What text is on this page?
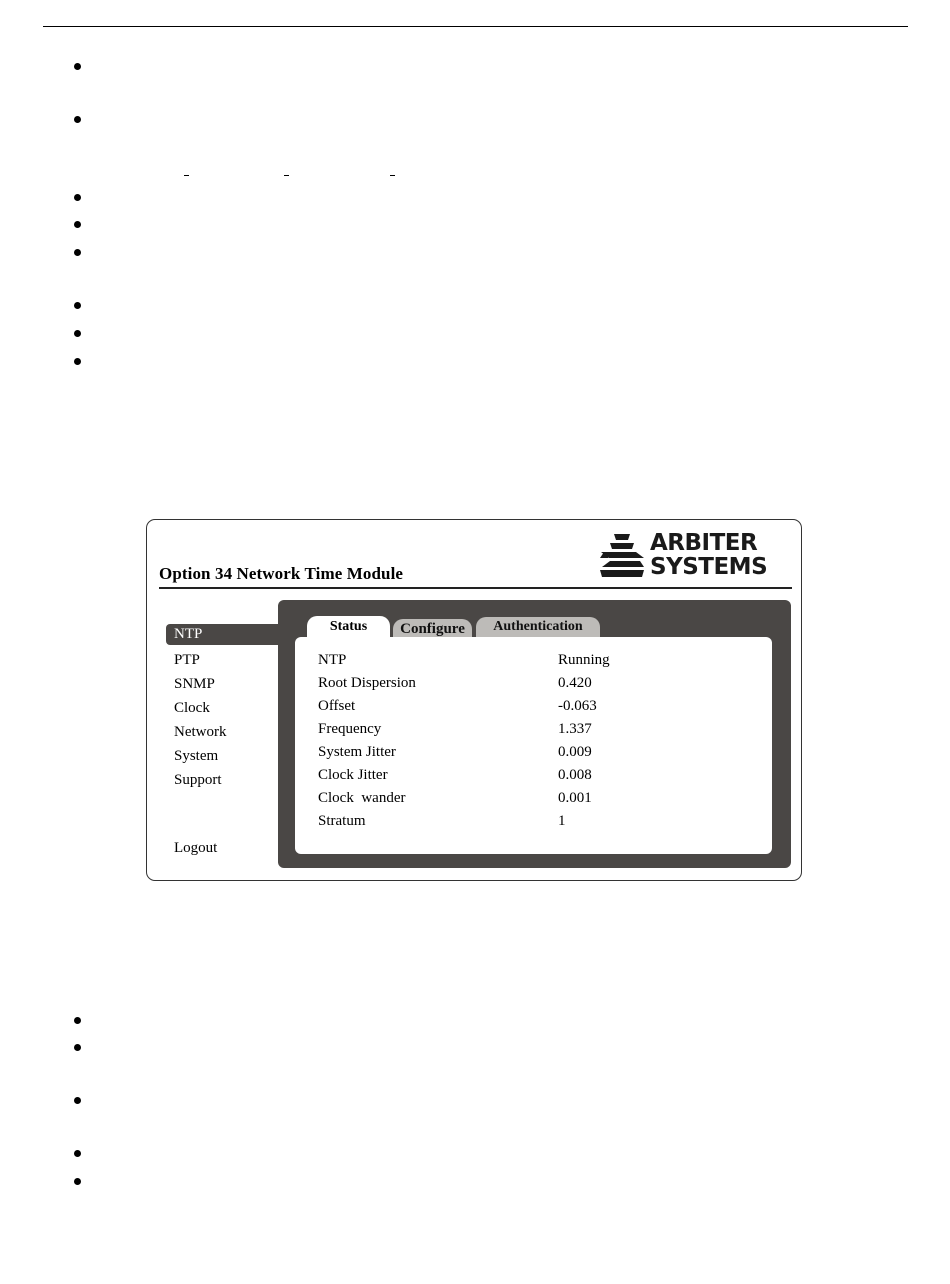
Option 34 Network Time Module
ARBITER
SYSTEMS
NTP
PTP
SNMP
Clock
Network
System
Support
Logout
Status	Configure	Authentication
NTP	Running
Root Dispersion	0.420
Offset	-0.063
Frequency	1.337
System Jitter	0.009
Clock Jitter	0.008
Clock  wander	0.001
Stratum	1
